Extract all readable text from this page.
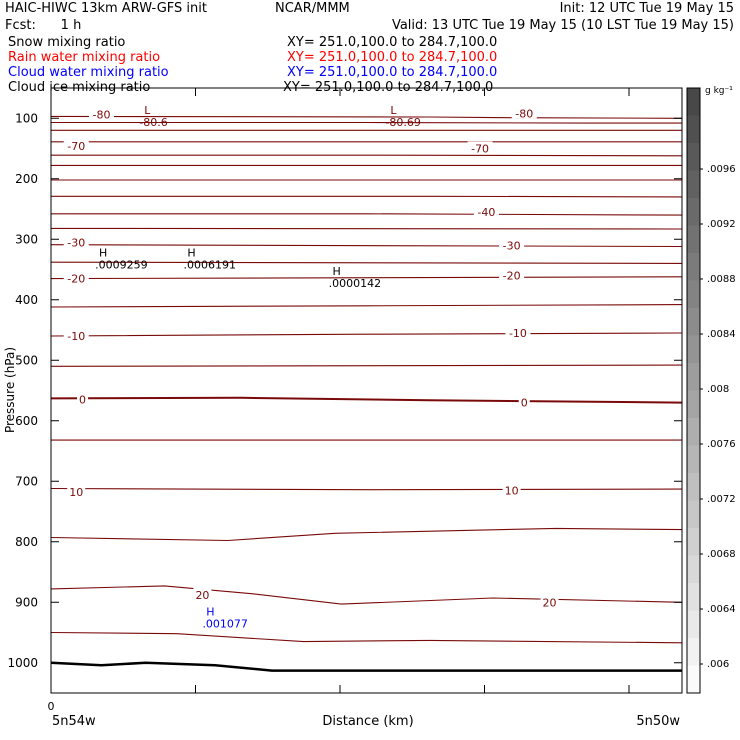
HAIC-HIWC 13km ARW-GFS init	NCAR/MMM	Init: 12 UTC Tue 19 May 15
Fcst:      1 h	Valid: 13 UTC Tue 19 May 15 (10 LST Tue 19 May 15)
Snow mixing ratio	XY= 251.0,100.0 to 284.7,100.0
Rain water mixing ratio	XY= 251.0,100.0 to 284.7,100.0
Cloud water mixing ratio	XY= 251.0,100.0 to 284.7,100.0
Cloud ice mixing ratio	XY= 251.0,100.0 to 284.7,100.0
100
200
300
400
500
600
700
800
900
1000
-80	-80
-70	-70
-40
-30	-30
-20	-20
-10	-10
0	0
10	10
20
20
L
-80.6
L
-80.69
H
.0009259
H
.0006191	H
.0000142
H
.001077
g kg⁻¹
.0096
.0092
.0088
.0084
.008
.0076
.0072
.0068
.0064
.006
Pressure (hPa)
Distance (km)
5n54w	5n50w
0
